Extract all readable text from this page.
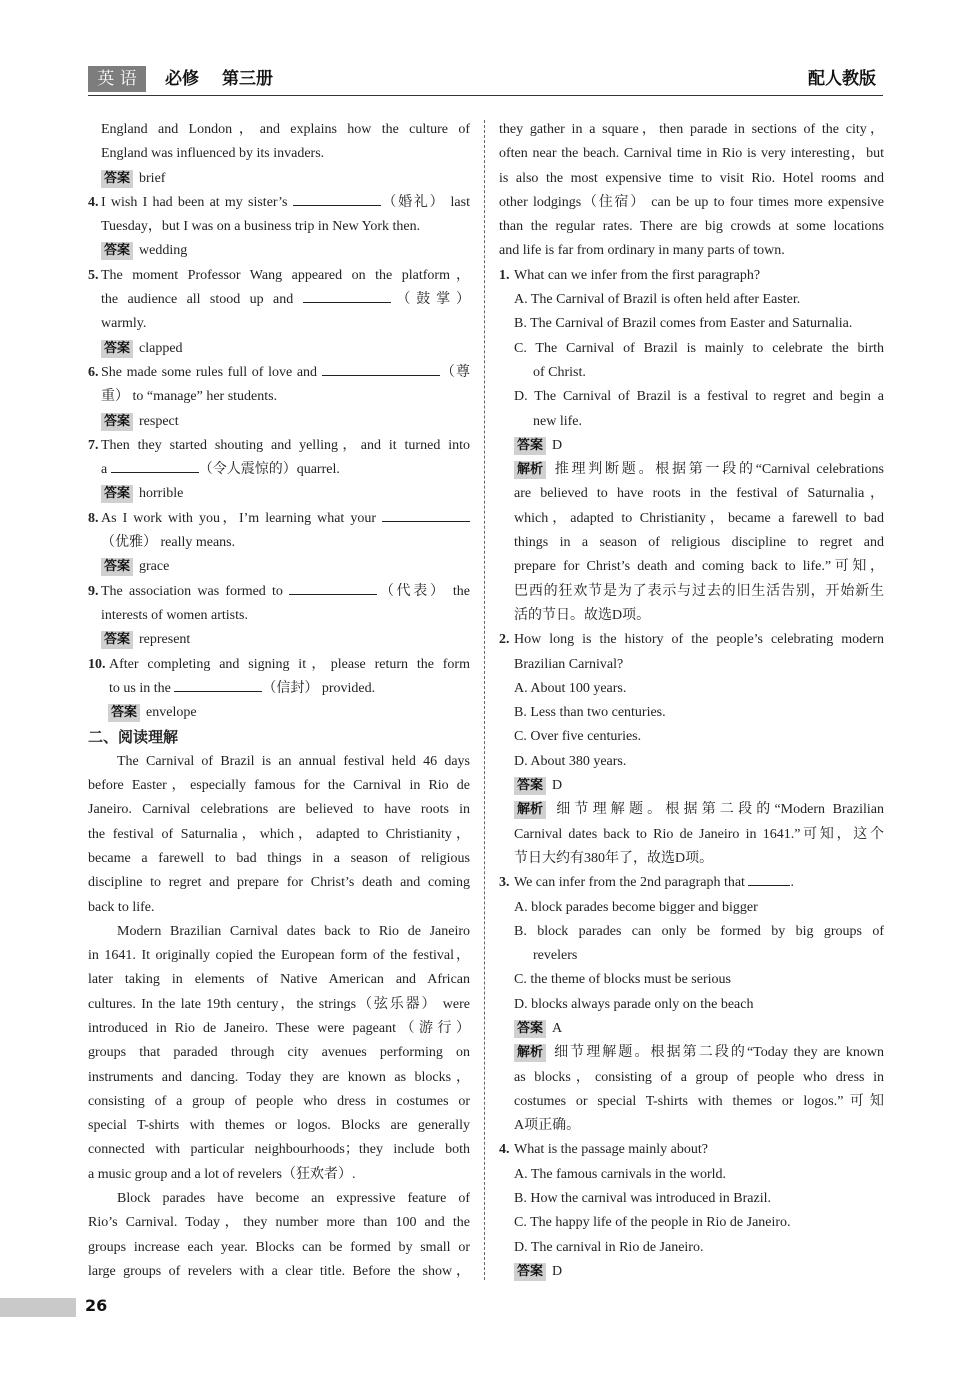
英 语	必修 第三册	配人教版
England and London，and explains how the culture of
England was influenced by its invaders.
答案 brief
4. I wish I had been at my sister’s	（婚礼） last
Tuesday，but I was on a business trip in New York then.
答案 wedding
5. The moment Professor Wang appeared on the platform，
the audience all stood up and	（鼓掌）
warmly.
答案 clapped
6. She made some rules full of love and	（尊
重） to “manage” her students.
答案 respect
7. Then they started shouting and yelling，and it turned into
a	（令人震惊的）quarrel.
答案 horrible
8. As I work with you，I’m learning what your
（优雅） really means.
答案 grace
9. The association was formed to	（代表） the
interests of women artists.
答案 represent
10. After completing and signing it，please return the form
to us in the	（信封） provided.
答案 envelope
二、阅读理解
The Carnival of Brazil is an annual festival held 46 days
before Easter，especially famous for the Carnival in Rio de
Janeiro. Carnival celebrations are believed to have roots in
the festival of Saturnalia，which，adapted to Christianity，
became a farewell to bad things in a season of religious
discipline to regret and prepare for Christ’s death and coming
back to life.
Modern Brazilian Carnival dates back to Rio de Janeiro
in 1641. It originally copied the European form of the festival，
later taking in elements of Native American and African
cultures. In the late 19th century，the strings（弦乐器） were
introduced in Rio de Janeiro. These were pageant（游行）
groups that paraded through city avenues performing on
instruments and dancing. Today they are known as blocks，
consisting of a group of people who dress in costumes or
special T-shirts with themes or logos. Blocks are generally
connected with particular neighbourhoods；they include both
a music group and a lot of revelers（狂欢者）.
Block parades have become an expressive feature of
Rio’s Carnival. Today，they number more than 100 and the
groups increase each year. Blocks can be formed by small or
large groups of revelers with a clear title. Before the show，
they gather in a square，then parade in sections of the city，
often near the beach. Carnival time in Rio is very interesting，but
is also the most expensive time to visit Rio. Hotel rooms and
other lodgings（住宿） can be up to four times more expensive
than the regular rates. There are big crowds at some locations
and life is far from ordinary in many parts of town.
1. What can we infer from the first paragraph?
A. The Carnival of Brazil is often held after Easter.
B. The Carnival of Brazil comes from Easter and Saturnalia.
C. The Carnival of Brazil is mainly to celebrate the birth
of Christ.
D. The Carnival of Brazil is a festival to regret and begin a
new life.
答案 D
解析 推理判断题。根据第一段的“Carnival celebrations
are believed to have roots in the festival of Saturnalia，
which，adapted to Christianity，became a farewell to bad
things in a season of religious discipline to regret and
prepare for Christ’s death and coming back to life.”可知，
巴西的狂欢节是为了表示与过去的旧生活告别，开始新生
活的节日。故选D项。
2. How long is the history of the people’s celebrating modern
Brazilian Carnival?
A. About 100 years.
B. Less than two centuries.
C. Over five centuries.
D. About 380 years.
答案 D
解析 细节理解题。根据第二段的“Modern Brazilian
Carnival dates back to Rio de Janeiro in 1641.”可知，这个
节日大约有380年了，故选D项。
3. We can infer from the 2nd paragraph that	.
A. block parades become bigger and bigger
B. block parades can only be formed by big groups of
revelers
C. the theme of blocks must be serious
D. blocks always parade only on the beach
答案 A
解析 细节理解题。根据第二段的“Today they are known
as blocks，consisting of a group of people who dress in
costumes or special T-shirts with themes or logos.”可知
A项正确。
4. What is the passage mainly about?
A. The famous carnivals in the world.
B. How the carnival was introduced in Brazil.
C. The happy life of the people in Rio de Janeiro.
D. The carnival in Rio de Janeiro.
答案 D
26
